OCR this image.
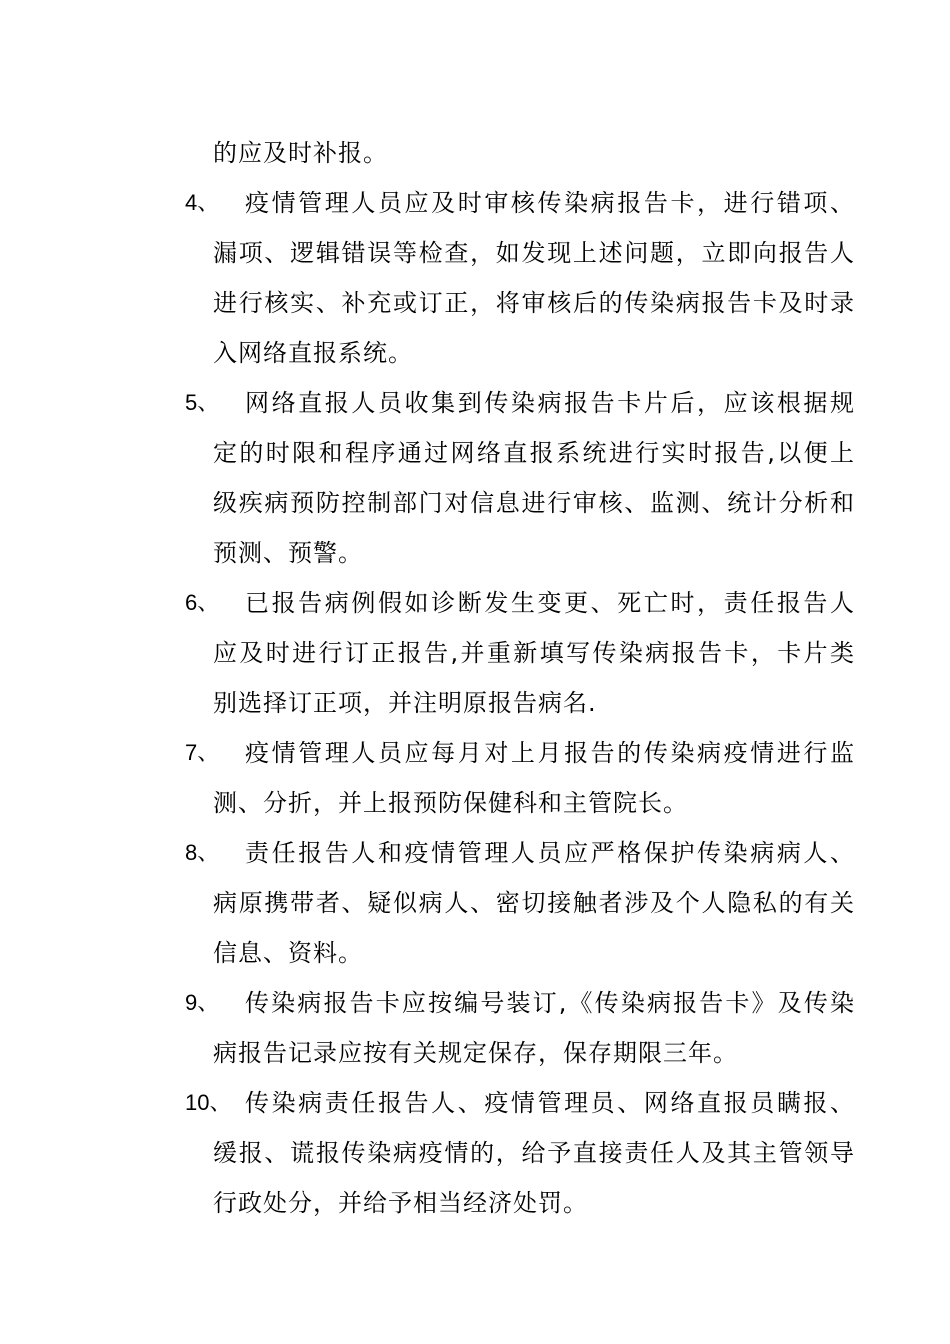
的应及时补报。
4、	疫情管理人员应及时审核传染病报告卡，进行错项、
漏项、逻辑错误等检查，如发现上述问题，立即向报告人
进行核实、补充或订正，将审核后的传染病报告卡及时录
入网络直报系统。
5、	网络直报人员收集到传染病报告卡片后，应该根据规
定的时限和程序通过网络直报系统进行实时报告,以便上
级疾病预防控制部门对信息进行审核、监测、统计分析和
预测、预警。
6、	已报告病例假如诊断发生变更、死亡时，责任报告人
应及时进行订正报告,并重新填写传染病报告卡，卡片类
别选择订正项，并注明原报告病名.
7、	疫情管理人员应每月对上月报告的传染病疫情进行监
测、分折，并上报预防保健科和主管院长。
8、	责任报告人和疫情管理人员应严格保护传染病病人、
病原携带者、疑似病人、密切接触者涉及个人隐私的有关
信息、资料。
9、	传染病报告卡应按编号装订,《传染病报告卡》及传染
病报告记录应按有关规定保存，保存期限三年。
10、 传染病责任报告人、疫情管理员、网络直报员瞒报、
缓报、谎报传染病疫情的，给予直接责任人及其主管领导
行政处分，并给予相当经济处罚。
